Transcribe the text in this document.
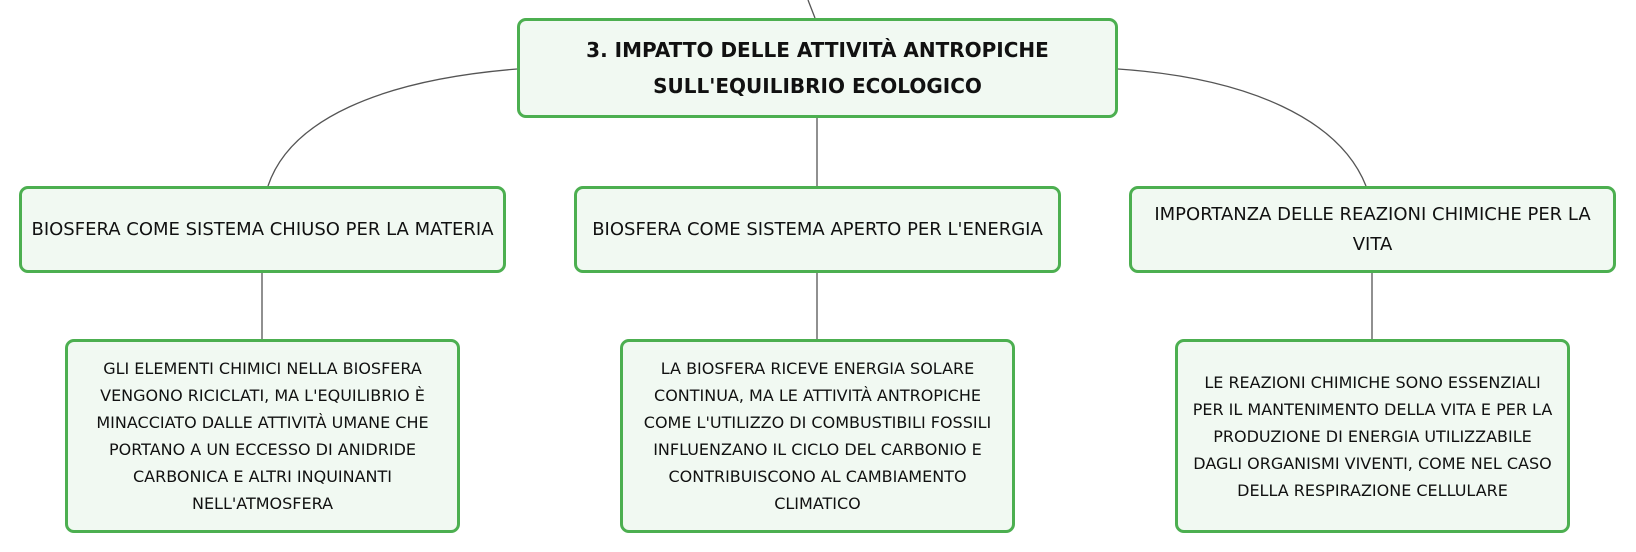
3. IMPATTO DELLE ATTIVITÀ ANTROPICHE SULL'EQUILIBRIO ECOLOGICO
BIOSFERA COME SISTEMA CHIUSO PER LA MATERIA	BIOSFERA COME SISTEMA APERTO PER L'ENERGIA
IMPORTANZA DELLE REAZIONI CHIMICHE PER LA VITA
GLI ELEMENTI CHIMICI NELLA BIOSFERA VENGONO RICICLATI, MA L'EQUILIBRIO È MINACCIATO DALLE ATTIVITÀ UMANE CHE PORTANO A UN ECCESSO DI ANIDRIDE CARBONICA E ALTRI INQUINANTI NELL'ATMOSFERA
LA BIOSFERA RICEVE ENERGIA SOLARE CONTINUA, MA LE ATTIVITÀ ANTROPICHE COME L'UTILIZZO DI COMBUSTIBILI FOSSILI INFLUENZANO IL CICLO DEL CARBONIO E CONTRIBUISCONO AL CAMBIAMENTO CLIMATICO
LE REAZIONI CHIMICHE SONO ESSENZIALI PER IL MANTENIMENTO DELLA VITA E PER LA PRODUZIONE DI ENERGIA UTILIZZABILE DAGLI ORGANISMI VIVENTI, COME NEL CASO DELLA RESPIRAZIONE CELLULARE
